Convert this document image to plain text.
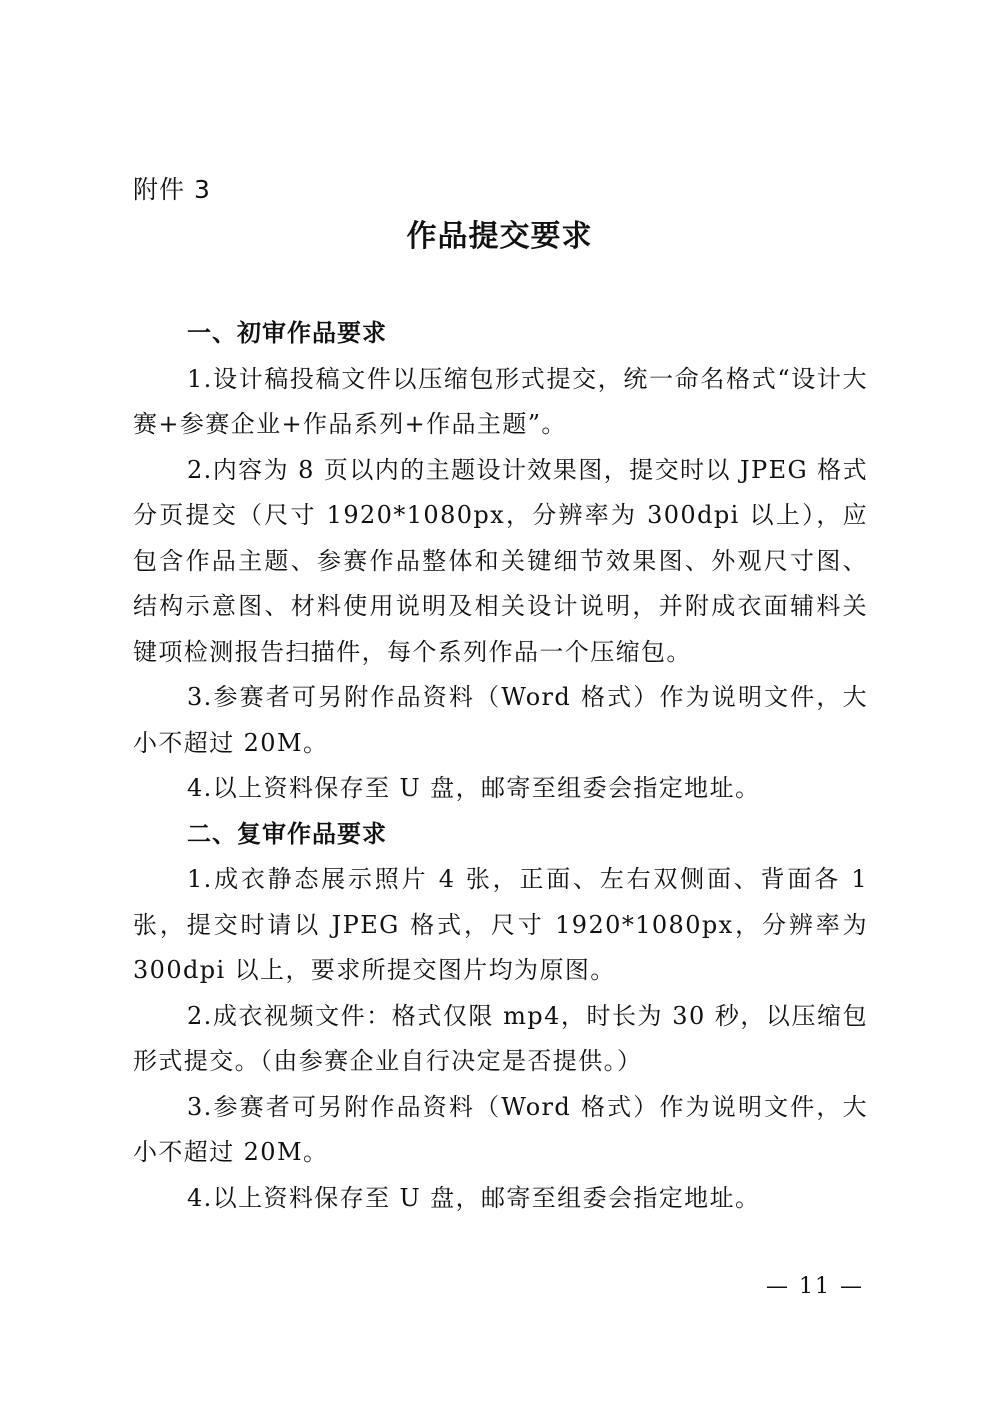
附件 3
作品提交要求

一、初审作品要求

1.设计稿投稿文件以压缩包形式提交，统一命名格式“设计大赛+参赛企业+作品系列+作品主题”。

2.内容为 8 页以内的主题设计效果图，提交时以 JPEG 格式分页提交（尺寸 1920*1080px，分辨率为 300dpi 以上），应包含作品主题、参赛作品整体和关键细节效果图、外观尺寸图、结构示意图、材料使用说明及相关设计说明，并附成衣面辅料关键项检测报告扫描件，每个系列作品一个压缩包。

3.参赛者可另附作品资料（Word 格式）作为说明文件，大小不超过 20M。

4.以上资料保存至 U 盘，邮寄至组委会指定地址。

二、复审作品要求

1.成衣静态展示照片 4 张，正面、左右双侧面、背面各 1 张，提交时请以 JPEG 格式，尺寸 1920*1080px，分辨率为 300dpi 以上，要求所提交图片均为原图。

2.成衣视频文件：格式仅限 mp4，时长为 30 秒，以压缩包形式提交。（由参赛企业自行决定是否提供。）

3.参赛者可另附作品资料（Word 格式）作为说明文件，大小不超过 20M。

4.以上资料保存至 U 盘，邮寄至组委会指定地址。

— 11 —
